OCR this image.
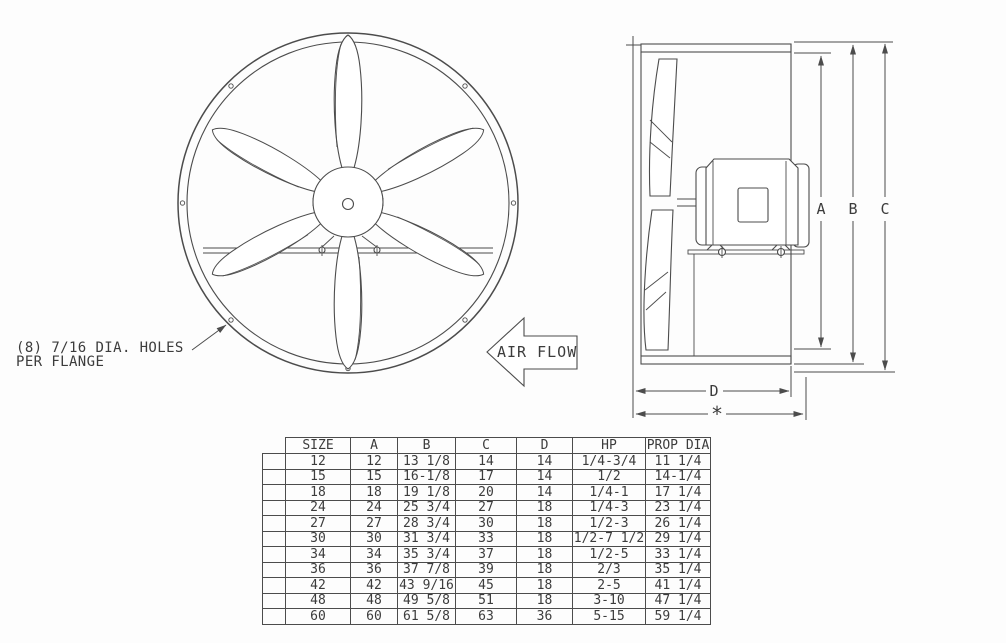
(8) 7/16 DIA. HOLES
PER FLANGE
AIR FLOW
A B C
D
*
	SIZE	A	B	C	D	HP	PROP DIA
	12	12	13 1/8	14	14	1/4-3/4	11 1/4
	15	15	16-1/8	17	14	1/2	14-1/4
	18	18	19 1/8	20	14	1/4-1	17 1/4
	24	24	25 3/4	27	18	1/4-3	23 1/4
	27	27	28 3/4	30	18	1/2-3	26 1/4
	30	30	31 3/4	33	18	1/2-7 1/2	29 1/4
	34	34	35 3/4	37	18	1/2-5	33 1/4
	36	36	37 7/8	39	18	2/3	35 1/4
	42	42	43 9/16	45	18	2-5	41 1/4
	48	48	49 5/8	51	18	3-10	47 1/4
	60	60	61 5/8	63	36	5-15	59 1/4
